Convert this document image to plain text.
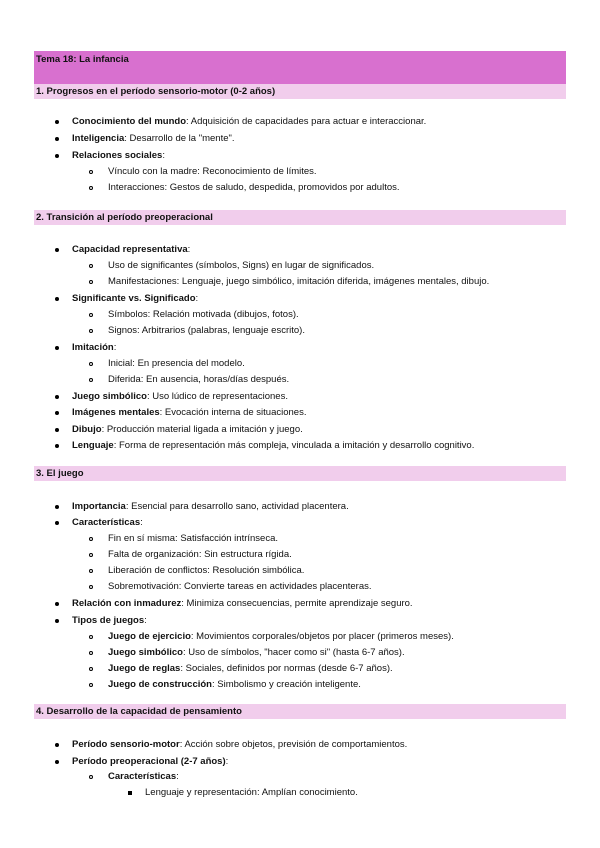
Tema 18: La infancia
1. Progresos en el período sensorio-motor (0-2 años)
Conocimiento del mundo: Adquisición de capacidades para actuar e interaccionar.
Inteligencia: Desarrollo de la "mente".
Relaciones sociales:
Vínculo con la madre: Reconocimiento de límites.
Interacciones: Gestos de saludo, despedida, promovidos por adultos.
2. Transición al período preoperacional
Capacidad representativa:
Uso de significantes (símbolos, Signs) en lugar de significados.
Manifestaciones: Lenguaje, juego simbólico, imitación diferida, imágenes mentales, dibujo.
Significante vs. Significado:
Símbolos: Relación motivada (dibujos, fotos).
Signos: Arbitrarios (palabras, lenguaje escrito).
Imitación:
Inicial: En presencia del modelo.
Diferida: En ausencia, horas/días después.
Juego simbólico: Uso lúdico de representaciones.
Imágenes mentales: Evocación interna de situaciones.
Dibujo: Producción material ligada a imitación y juego.
Lenguaje: Forma de representación más compleja, vinculada a imitación y desarrollo cognitivo.
3. El juego
Importancia: Esencial para desarrollo sano, actividad placentera.
Características:
Fin en sí misma: Satisfacción intrínseca.
Falta de organización: Sin estructura rígida.
Liberación de conflictos: Resolución simbólica.
Sobremotivación: Convierte tareas en actividades placenteras.
Relación con inmadurez: Minimiza consecuencias, permite aprendizaje seguro.
Tipos de juegos:
Juego de ejercicio: Movimientos corporales/objetos por placer (primeros meses).
Juego simbólico: Uso de símbolos, "hacer como si" (hasta 6-7 años).
Juego de reglas: Sociales, definidos por normas (desde 6-7 años).
Juego de construcción: Simbolismo y creación inteligente.
4. Desarrollo de la capacidad de pensamiento
Período sensorio-motor: Acción sobre objetos, previsión de comportamientos.
Período preoperacional (2-7 años):
Características:
Lenguaje y representación: Amplían conocimiento.
